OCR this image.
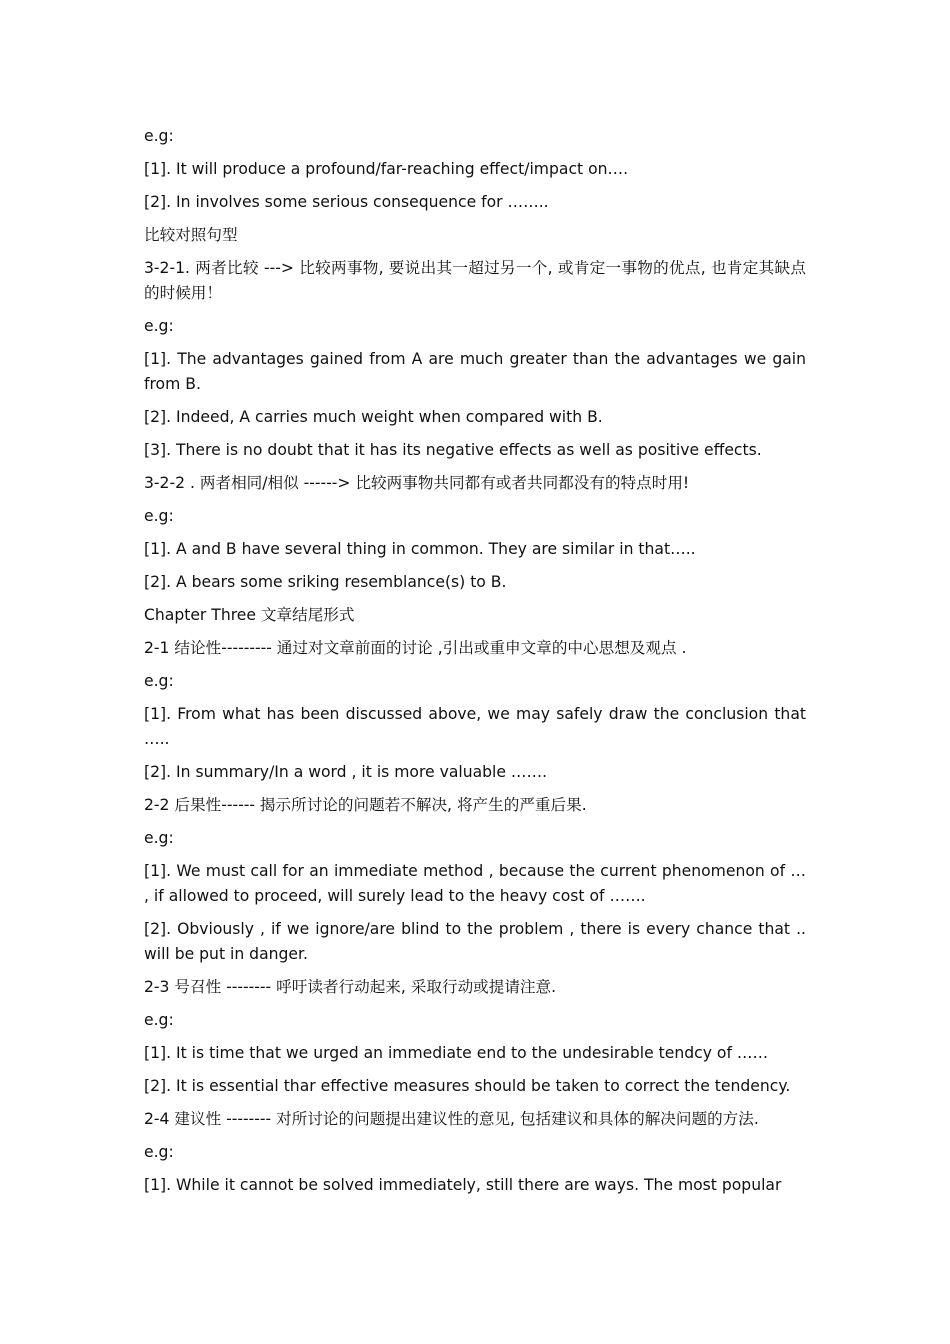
e.g:

[1]. It will produce a profound/far-reaching effect/impact on….

[2]. In involves some serious consequence for ……..

比较对照句型

3-2-1. 两者比较 ---> 比较两事物, 要说出其一超过另一个, 或肯定一事物的优点, 也肯定其缺点的时候用！

e.g:

[1]. The advantages gained from A are much greater than the advantages we gain from B.

[2]. Indeed, A carries much weight when compared with B.

[3]. There is no doubt that it has its negative effects as well as positive effects.

3-2-2 . 两者相同/相似 ------> 比较两事物共同都有或者共同都没有的特点时用!

e.g:

[1]. A and B have several thing in common. They are similar in that…..

[2]. A bears some sriking resemblance(s) to B.

Chapter Three 文章结尾形式

2-1 结论性--------- 通过对文章前面的讨论 ,引出或重申文章的中心思想及观点 .

e.g:

[1]. From what has been discussed above, we may safely draw the conclusion that …..

[2]. In summary/In a word , it is more valuable …….

2-2 后果性------ 揭示所讨论的问题若不解决, 将产生的严重后果.

e.g:

[1]. We must call for an immediate method , because the current phenomenon of … , if allowed to proceed, will surely lead to the heavy cost of …….

[2]. Obviously , if we ignore/are blind to the problem , there is every chance that .. will be put in danger.

2-3 号召性 -------- 呼吁读者行动起来, 采取行动或提请注意.

e.g:

[1]. It is time that we urged an immediate end to the undesirable tendcy of ……

[2]. It is essential thar effective measures should be taken to correct the tendency.

2-4 建议性 -------- 对所讨论的问题提出建议性的意见, 包括建议和具体的解决问题的方法.

e.g:

[1]. While it cannot be solved immediately, still there are ways. The most popular
